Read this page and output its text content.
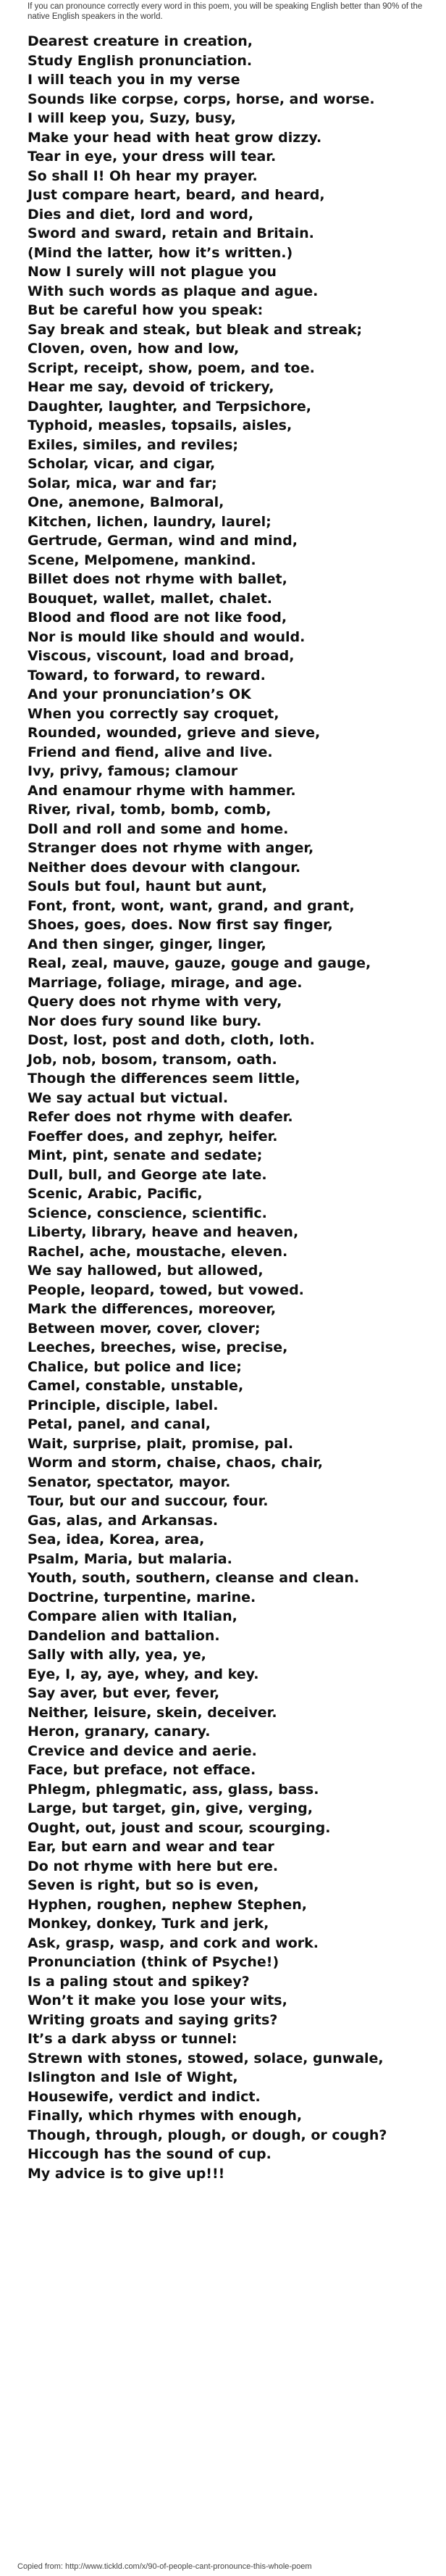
If you can pronounce correctly every word in this poem, you will be speaking English better than 90% of the native English speakers in the world.
Dearest creature in creation,
Study English pronunciation.
I will teach you in my verse
Sounds like corpse, corps, horse, and worse.
I will keep you, Suzy, busy,
Make your head with heat grow dizzy.
Tear in eye, your dress will tear.
So shall I! Oh hear my prayer.
Just compare heart, beard, and heard,
Dies and diet, lord and word,
Sword and sward, retain and Britain.
(Mind the latter, how it’s written.)
Now I surely will not plague you
With such words as plaque and ague.
But be careful how you speak:
Say break and steak, but bleak and streak;
Cloven, oven, how and low,
Script, receipt, show, poem, and toe.
Hear me say, devoid of trickery,
Daughter, laughter, and Terpsichore,
Typhoid, measles, topsails, aisles,
Exiles, similes, and reviles;
Scholar, vicar, and cigar,
Solar, mica, war and far;
One, anemone, Balmoral,
Kitchen, lichen, laundry, laurel;
Gertrude, German, wind and mind,
Scene, Melpomene, mankind.
Billet does not rhyme with ballet,
Bouquet, wallet, mallet, chalet.
Blood and flood are not like food,
Nor is mould like should and would.
Viscous, viscount, load and broad,
Toward, to forward, to reward.
And your pronunciation’s OK
When you correctly say croquet,
Rounded, wounded, grieve and sieve,
Friend and fiend, alive and live.
Ivy, privy, famous; clamour
And enamour rhyme with hammer.
River, rival, tomb, bomb, comb,
Doll and roll and some and home.
Stranger does not rhyme with anger,
Neither does devour with clangour.
Souls but foul, haunt but aunt,
Font, front, wont, want, grand, and grant,
Shoes, goes, does. Now first say finger,
And then singer, ginger, linger,
Real, zeal, mauve, gauze, gouge and gauge,
Marriage, foliage, mirage, and age.
Query does not rhyme with very,
Nor does fury sound like bury.
Dost, lost, post and doth, cloth, loth.
Job, nob, bosom, transom, oath.
Though the differences seem little,
We say actual but victual.
Refer does not rhyme with deafer.
Foeffer does, and zephyr, heifer.
Mint, pint, senate and sedate;
Dull, bull, and George ate late.
Scenic, Arabic, Pacific,
Science, conscience, scientific.
Liberty, library, heave and heaven,
Rachel, ache, moustache, eleven.
We say hallowed, but allowed,
People, leopard, towed, but vowed.
Mark the differences, moreover,
Between mover, cover, clover;
Leeches, breeches, wise, precise,
Chalice, but police and lice;
Camel, constable, unstable,
Principle, disciple, label.
Petal, panel, and canal,
Wait, surprise, plait, promise, pal.
Worm and storm, chaise, chaos, chair,
Senator, spectator, mayor.
Tour, but our and succour, four.
Gas, alas, and Arkansas.
Sea, idea, Korea, area,
Psalm, Maria, but malaria.
Youth, south, southern, cleanse and clean.
Doctrine, turpentine, marine.
Compare alien with Italian,
Dandelion and battalion.
Sally with ally, yea, ye,
Eye, I, ay, aye, whey, and key.
Say aver, but ever, fever,
Neither, leisure, skein, deceiver.
Heron, granary, canary.
Crevice and device and aerie.
Face, but preface, not efface.
Phlegm, phlegmatic, ass, glass, bass.
Large, but target, gin, give, verging,
Ought, out, joust and scour, scourging.
Ear, but earn and wear and tear
Do not rhyme with here but ere.
Seven is right, but so is even,
Hyphen, roughen, nephew Stephen,
Monkey, donkey, Turk and jerk,
Ask, grasp, wasp, and cork and work.
Pronunciation (think of Psyche!)
Is a paling stout and spikey?
Won’t it make you lose your wits,
Writing groats and saying grits?
It’s a dark abyss or tunnel:
Strewn with stones, stowed, solace, gunwale,
Islington and Isle of Wight,
Housewife, verdict and indict.
Finally, which rhymes with enough,
Though, through, plough, or dough, or cough?
Hiccough has the sound of cup.
My advice is to give up!!!
Copied from: http://www.tickld.com/x/90-of-people-cant-pronounce-this-whole-poem
